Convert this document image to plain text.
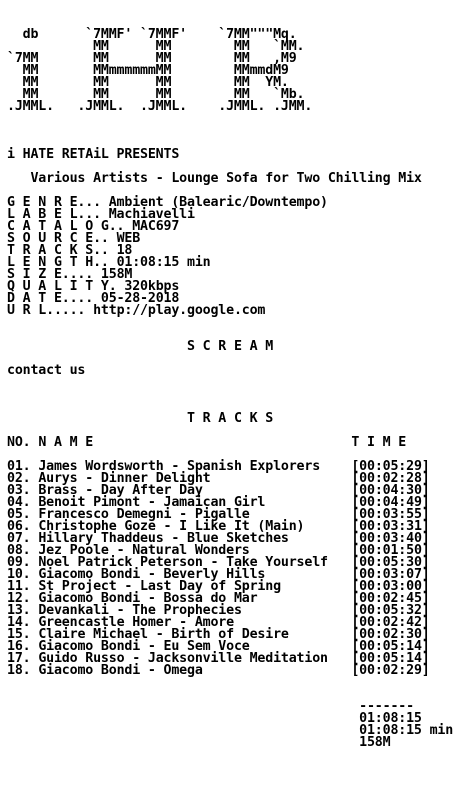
db      `7MMF' `7MMF'    `7MM"""Mq.
MM      MM        MM   `MM.
`7MM       MM      MM        MM   ,M9
MM       MMmmmmmmMM        MMmmdM9
MM       MM      MM        MM  YM.
MM       MM      MM        MM   `Mb.
.JMML.   .JMML.  .JMML.    .JMML. .JMM.

i HATE RETAiL PRESENTS

Various Artists - Lounge Sofa for Two Chilling Mix

G E N R E... Ambient (Balearic/Downtempo)
L A B E L... Machiavelli
C A T A L O G.. MAC697
S O U R C E.. WEB
T R A C K S.. 18
L E N G T H.. 01:08:15 min
S I Z E.... 158M
Q U A L I T Y. 320kbps
D A T E.... 05-28-2018
U R L..... http://play.google.com

S C R E A M

contact us

T R A C K S

NO. N A M E	T I M E

01. James Wordsworth - Spanish Explorers [00:05:29]
02. Aurys - Dinner Delight	[00:02:28]
03. Brass - Day After Day	[00:04:30]
04. Benoit Pimont - Jamaican Girl	[00:04:49]
05. Francesco Demegni - Pigalle	[00:03:55]
06. Christophe Goze - I Like It (Main)	[00:03:31]
07. Hillary Thaddeus - Blue Sketches	[00:03:40]
08. Jez Poole - Natural Wonders	[00:01:50]
09. Noel Patrick Peterson - Take Yourself [00:05:30]
10. Giacomo Bondi - Beverly Hills	[00:03:07]
11. St Project - Last Day of Spring	[00:03:00]
12. Giacomo Bondi - Bossa do Mar	[00:02:45]
13. Devankali - The Prophecies	[00:05:32]
14. Greencastle Homer - Amore	[00:02:42]
15. Claire Michael - Birth of Desire	[00:02:30]
16. Giacomo Bondi - Eu Sem Voce	[00:05:14]
17. Guido Russo - Jacksonville Meditation [00:05:14]
18. Giacomo Bondi - Omega	[00:02:29]

-------
01:08:15
01:08:15 min
158M
